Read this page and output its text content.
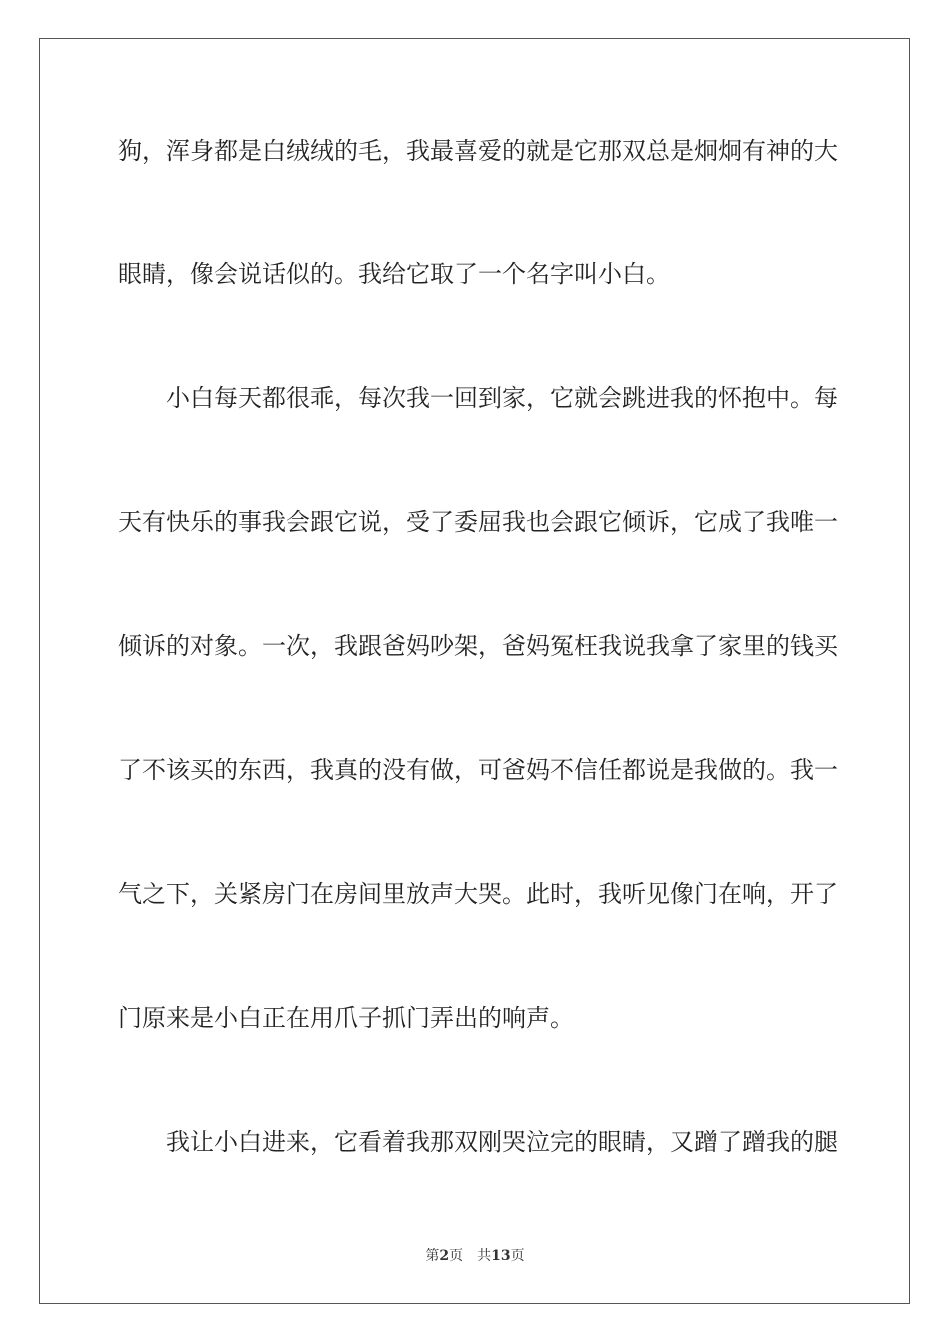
狗，浑身都是白绒绒的毛，我最喜爱的就是它那双总是炯炯有神的大

眼睛，像会说话似的。我给它取了一个名字叫小白。

小白每天都很乖，每次我一回到家，它就会跳进我的怀抱中。每

天有快乐的事我会跟它说，受了委屈我也会跟它倾诉，它成了我唯一

倾诉的对象。一次，我跟爸妈吵架，爸妈冤枉我说我拿了家里的钱买

了不该买的东西，我真的没有做，可爸妈不信任都说是我做的。我一

气之下，关紧房门在房间里放声大哭。此时，我听见像门在响，开了

门原来是小白正在用爪子抓门弄出的响声。

我让小白进来，它看着我那双刚哭泣完的眼睛，又蹭了蹭我的腿

第2页 共13页
